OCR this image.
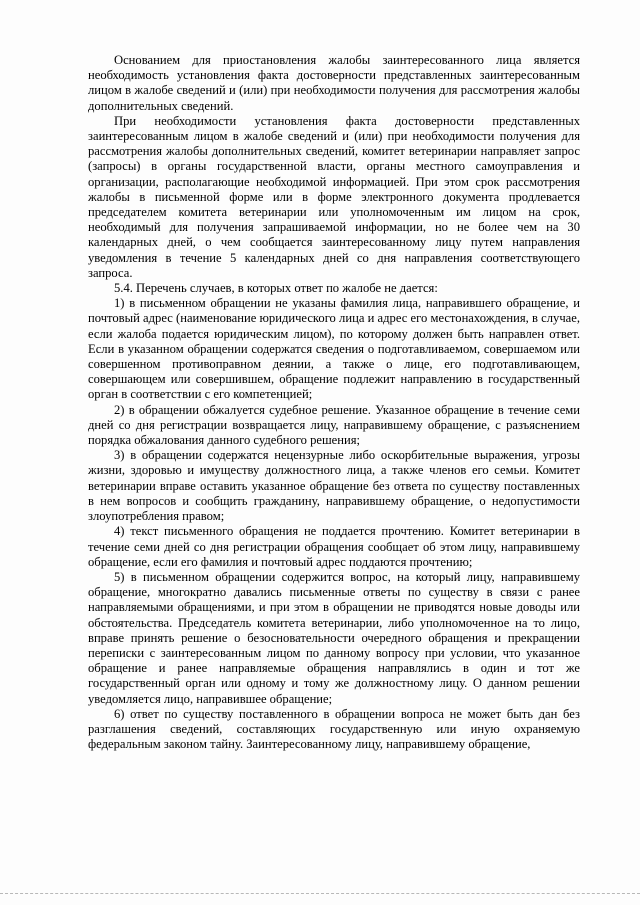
Основанием для приостановления жалобы заинтересованного лица является необходимость установления факта достоверности представленных заинтересованным лицом в жалобе сведений и (или) при необходимости получения для рассмотрения жалобы дополнительных сведений.

При необходимости установления факта достоверности представленных заинтересованным лицом в жалобе сведений и (или) при необходимости получения для рассмотрения жалобы дополнительных сведений, комитет ветеринарии направляет запрос (запросы) в органы государственной власти, органы местного самоуправления и организации, располагающие необходимой информацией. При этом срок рассмотрения жалобы в письменной форме или в форме электронного документа продлевается председателем комитета ветеринарии или уполномоченным им лицом на срок, необходимый для получения запрашиваемой информации, но не более чем на 30 календарных дней, о чем сообщается заинтересованному лицу путем направления уведомления в течение 5 календарных дней со дня направления соответствующего запроса.

5.4. Перечень случаев, в которых ответ по жалобе не дается:

1) в письменном обращении не указаны фамилия лица, направившего обращение, и почтовый адрес (наименование юридического лица и адрес его местонахождения, в случае, если жалоба подается юридическим лицом), по которому должен быть направлен ответ. Если в указанном обращении содержатся сведения о подготавливаемом, совершаемом или совершенном противоправном деянии, а также о лице, его подготавливающем, совершающем или совершившем, обращение подлежит направлению в государственный орган в соответствии с его компетенцией;

2) в обращении обжалуется судебное решение. Указанное обращение в течение семи дней со дня регистрации возвращается лицу, направившему обращение, с разъяснением порядка обжалования данного судебного решения;

3) в обращении содержатся нецензурные либо оскорбительные выражения, угрозы жизни, здоровью и имуществу должностного лица, а также членов его семьи. Комитет ветеринарии вправе оставить указанное обращение без ответа по существу поставленных в нем вопросов и сообщить гражданину, направившему обращение, о недопустимости злоупотребления правом;

4) текст письменного обращения не поддается прочтению. Комитет ветеринарии в течение семи дней со дня регистрации обращения сообщает об этом лицу, направившему обращение, если его фамилия и почтовый адрес поддаются прочтению;

5) в письменном обращении содержится вопрос, на который лицу, направившему обращение, многократно давались письменные ответы по существу в связи с ранее направляемыми обращениями, и при этом в обращении не приводятся новые доводы или обстоятельства. Председатель комитета ветеринарии, либо уполномоченное на то лицо, вправе принять решение о безосновательности очередного обращения и прекращении переписки с заинтересованным лицом по данному вопросу при условии, что указанное обращение и ранее направляемые обращения направлялись в один и тот же государственный орган или одному и тому же должностному лицу. О данном решении уведомляется лицо, направившее обращение;

6) ответ по существу поставленного в обращении вопроса не может быть дан без разглашения сведений, составляющих государственную или иную охраняемую федеральным законом тайну. Заинтересованному лицу, направившему обращение,
